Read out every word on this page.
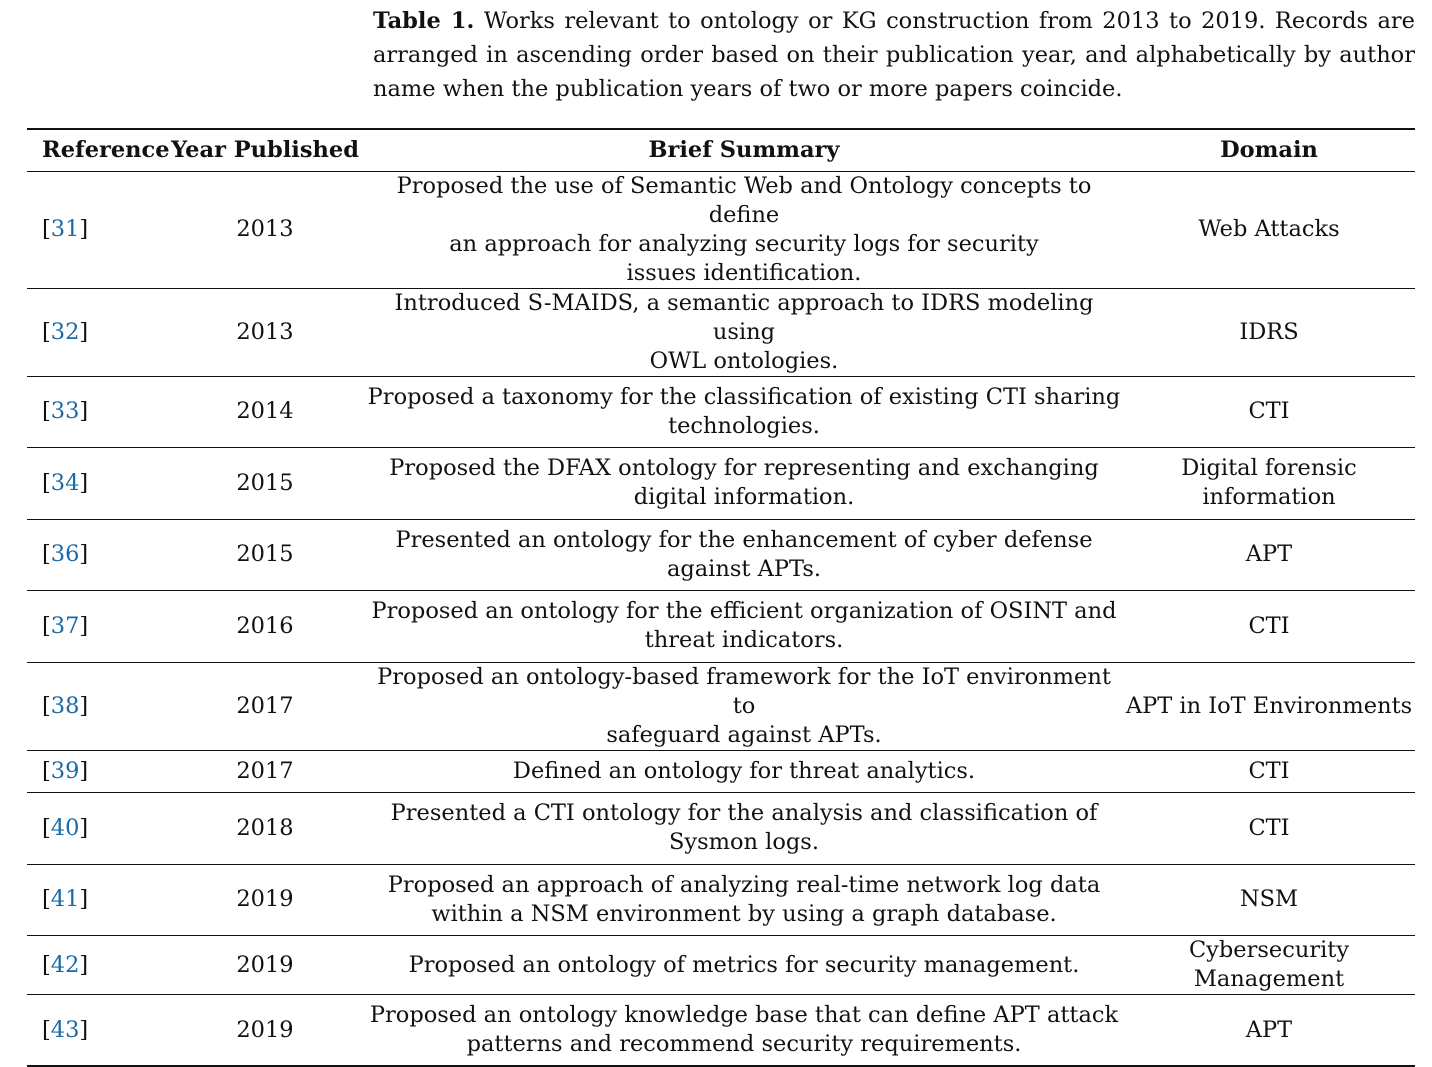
Table 1. Works relevant to ontology or KG construction from 2013 to 2019. Records are arranged in ascending order based on their publication year, and alphabetically by author name when the publication years of two or more papers coincide.
Reference	Year Published	Brief Summary	Domain
[31]	2013	Proposed the use of Semantic Web and Ontology concepts to define
an approach for analyzing security logs for security
issues identification.	Web Attacks
[32]	2013	Introduced S-MAIDS, a semantic approach to IDRS modeling using
OWL ontologies.	IDRS
[33]	2014	Proposed a taxonomy for the classification of existing CTI sharing
technologies.	CTI
[34]	2015	Proposed the DFAX ontology for representing and exchanging
digital information.	Digital forensic information
[36]	2015	Presented an ontology for the enhancement of cyber defense
against APTs.	APT
[37]	2016	Proposed an ontology for the efficient organization of OSINT and
threat indicators.	CTI
[38]	2017	Proposed an ontology-based framework for the IoT environment to
safeguard against APTs.	APT in IoT Environments
[39]	2017	Defined an ontology for threat analytics.	CTI
[40]	2018	Presented a CTI ontology for the analysis and classification of
Sysmon logs.	CTI
[41]	2019	Proposed an approach of analyzing real-time network log data
within a NSM environment by using a graph database.	NSM
[42]	2019	Proposed an ontology of metrics for security management.	Cybersecurity Management
[43]	2019	Proposed an ontology knowledge base that can define APT attack
patterns and recommend security requirements.	APT
